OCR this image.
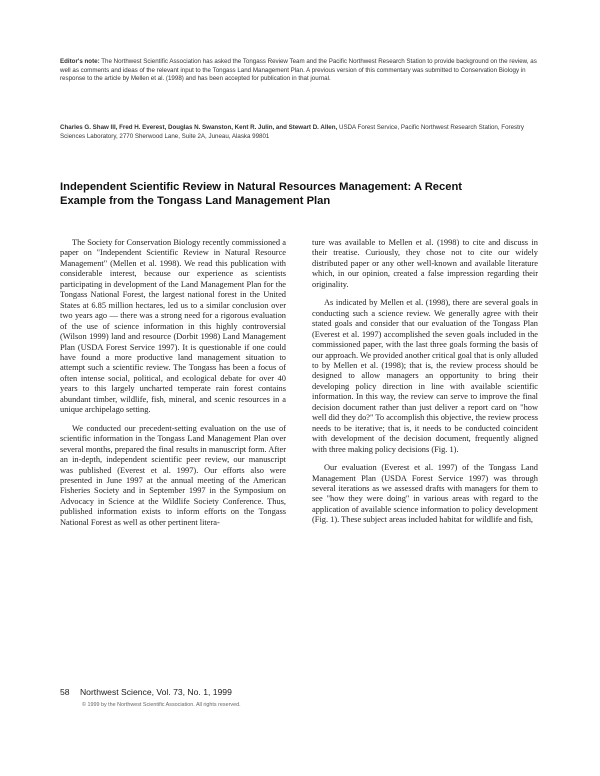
Editor's note: The Northwest Scientific Association has asked the Tongass Review Team and the Pacific Northwest Research Station to provide background on the review, as well as comments and ideas of the relevant input to the Tongass Land Management Plan. A previous version of this commentary was submitted to Conservation Biology in response to the article by Mellen et al. (1998) and has been accepted for publication in that journal.
Charles G. Shaw III, Fred H. Everest, Douglas N. Swanston, Kent R. Julin, and Stewart D. Allen, USDA Forest Service, Pacific Northwest Research Station, Forestry Sciences Laboratory, 2770 Sherwood Lane, Suite 2A, Juneau, Alaska 99801
Independent Scientific Review in Natural Resources Management: A Recent Example from the Tongass Land Management Plan

The Society for Conservation Biology recently commissioned a paper on "Independent Scientific Review in Natural Resource Management" (Mellen et al. 1998). We read this publication with considerable interest, because our experience as scientists participating in development of the Land Management Plan for the Tongass National Forest, the largest national forest in the United States at 6.85 million hectares, led us to a similar conclusion over two years ago — there was a strong need for a rigorous evaluation of the use of science information in this highly controversial (Wilson 1999) land and resource (Dorbit 1998) Land Management Plan (USDA Forest Service 1997). It is questionable if one could have found a more productive land management situation to attempt such a scientific review. The Tongass has been a focus of often intense social, political, and ecological debate for over 40 years to this largely uncharted temperate rain forest contains abundant timber, wildlife, fish, mineral, and scenic resources in a unique archipelago setting.

We conducted our precedent-setting evaluation on the use of scientific information in the Tongass Land Management Plan over several months, prepared the final results in manuscript form. After an in-depth, independent scientific peer review, our manuscript was published (Everest et al. 1997). Our efforts also were presented in June 1997 at the annual meeting of the American Fisheries Society and in September 1997 in the Symposium on Advocacy in Science at the Wildlife Society Conference. Thus, published information exists to inform efforts on the Tongass National Forest as well as other pertinent litera-

ture was available to Mellen et al. (1998) to cite and discuss in their treatise. Curiously, they chose not to cite our widely distributed paper or any other well-known and available literature which, in our opinion, created a false impression regarding their originality.

As indicated by Mellen et al. (1998), there are several goals in conducting such a science review. We generally agree with their stated goals and consider that our evaluation of the Tongass Plan (Everest et al. 1997) accomplished the seven goals included in the commissioned paper, with the last three goals forming the basis of our approach. We provided another critical goal that is only alluded to by Mellen et al. (1998); that is, the review process should be designed to allow managers an opportunity to bring their developing policy direction in line with available scientific information. In this way, the review can serve to improve the final decision document rather than just deliver a report card on "how well did they do?" To accomplish this objective, the review process needs to be iterative; that is, it needs to be conducted coincident with development of the decision document, frequently aligned with three making policy decisions (Fig. 1).

Our evaluation (Everest et al. 1997) of the Tongass Land Management Plan (USDA Forest Service 1997) was through several iterations as we assessed drafts with managers for them to see "how they were doing" in various areas with regard to the application of available science information to policy development (Fig. 1). These subject areas included habitat for wildlife and fish,

58 Northwest Science, Vol. 73, No. 1, 1999
© 1999 by the Northwest Scientific Association. All rights reserved.
